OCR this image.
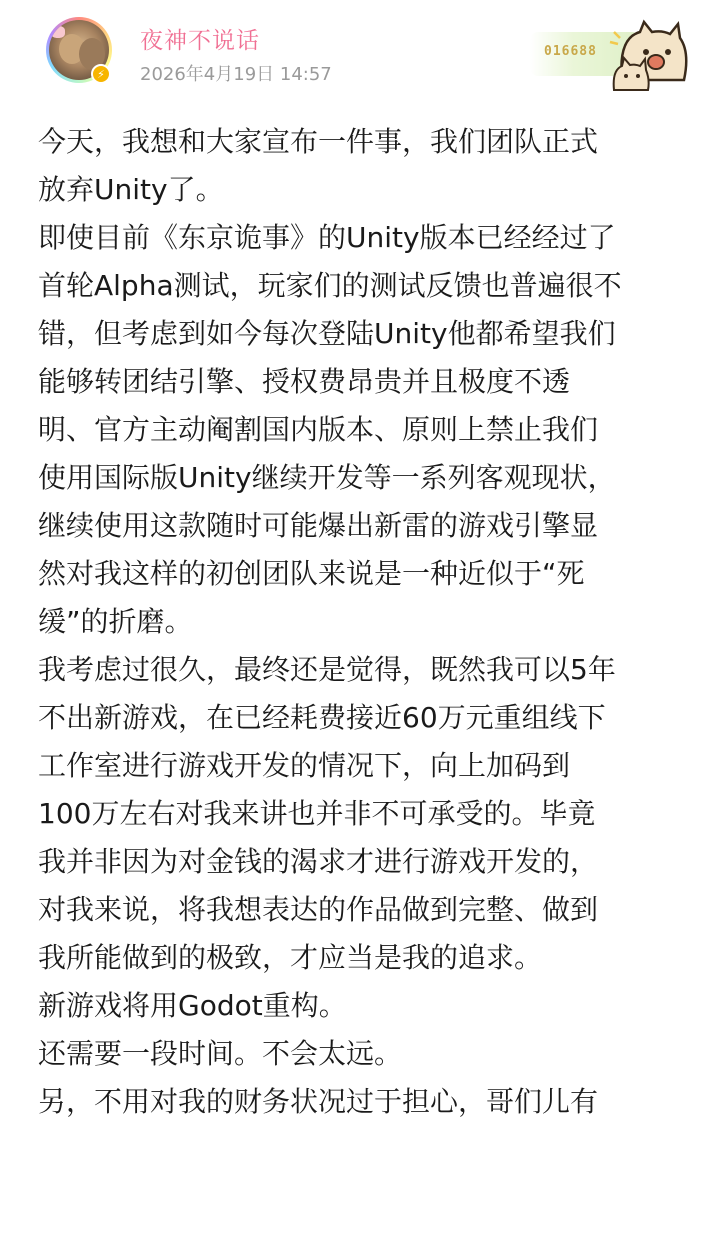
⚡
夜神不说话
2026年4月19日 14:57
016688

今天，我想和大家宣布一件事，我们团队正式
放弃Unity了。

即使目前《东京诡事》的Unity版本已经经过了
首轮Alpha测试，玩家们的测试反馈也普遍很不
错，但考虑到如今每次登陆Unity他都希望我们
能够转团结引擎、授权费昂贵并且极度不透
明、官方主动阉割国内版本、原则上禁止我们
使用国际版Unity继续开发等一系列客观现状，
继续使用这款随时可能爆出新雷的游戏引擎显
然对我这样的初创团队来说是一种近似于“死
缓”的折磨。

我考虑过很久，最终还是觉得，既然我可以5年
不出新游戏，在已经耗费接近60万元重组线下
工作室进行游戏开发的情况下，向上加码到
100万左右对我来讲也并非不可承受的。毕竟
我并非因为对金钱的渴求才进行游戏开发的，
对我来说，将我想表达的作品做到完整、做到
我所能做到的极致，才应当是我的追求。

新游戏将用Godot重构。

还需要一段时间。不会太远。

另，不用对我的财务状况过于担心，哥们儿有
